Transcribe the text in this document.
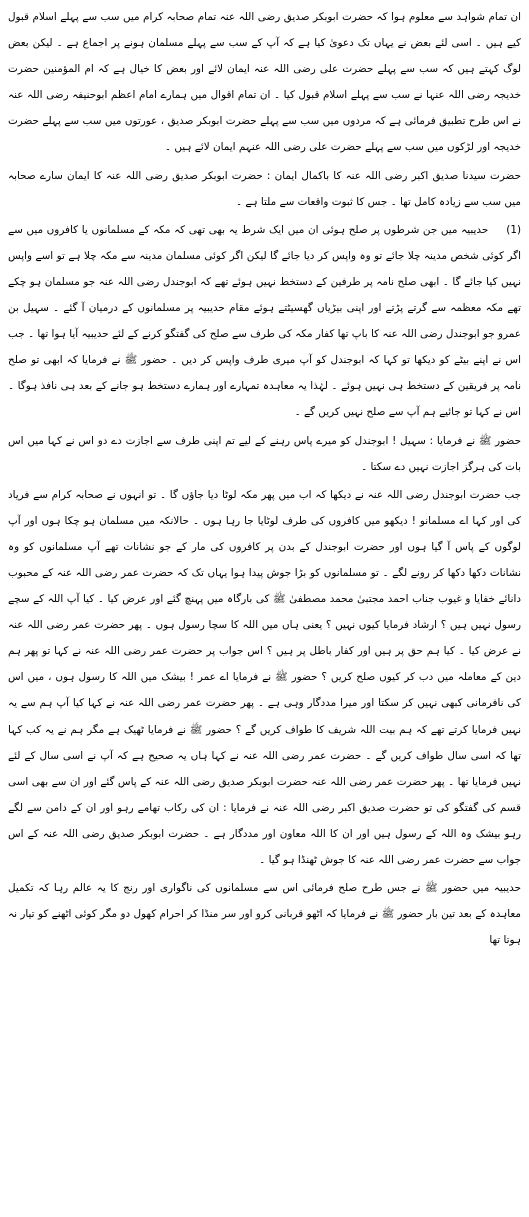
ان تمام شواہد سے معلوم ہوا کہ حضرت ابوبکر صدیق رضی اللہ عنہ تمام صحابہ کرام میں سب سے پہلے اسلام قبول کیے ہیں ۔ اسی لئے بعض نے یہاں تک دعویٰ کیا ہے کہ آپ کے سب سے پہلے مسلمان ہونے پر اجماع ہے ۔ لیکن بعض لوگ کہتے ہیں کہ سب سے پہلے حضرت علی رضی اللہ عنہ ایمان لائے اور بعض کا خیال ہے کہ ام المؤمنین حضرت خدیجہ رضی اللہ عنہا نے سب سے پہلے اسلام قبول کیا ۔ ان تمام اقوال میں ہمارے امام اعظم ابوحنیفہ رضی اللہ عنہ نے اس طرح تطبیق فرمائی ہے کہ مردوں میں سب سے پہلے حضرت ابوبکر صدیق ، عورتوں میں سب سے پہلے حضرت خدیجہ اور لڑکوں میں سب سے پہلے حضرت علی رضی اللہ عنہم ایمان لائے ہیں ۔

حضرت سیدنا صدیق اکبر رضی اللہ عنہ کا باکمال ایمان : حضرت ابوبکر صدیق رضی اللہ عنہ کا ایمان سارے صحابہ میں سب سے زیادہ کامل تھا ۔ جس کا ثبوت واقعات سے ملتا ہے ۔

(1)حدیبیہ میں جن شرطوں پر صلح ہوئی ان میں ایک شرط یہ بھی تھی کہ مکہ کے مسلمانوں یا کافروں میں سے اگر کوئی شخص مدینہ چلا جائے تو وہ واپس کر دیا جائے گا لیکن اگر کوئی مسلمان مدینہ سے مکہ چلا ہے تو اسے واپس نہیں کیا جائے گا ۔ ابھی صلح نامہ پر طرفین کے دستخط نہیں ہوئے تھے کہ ابوجندل رضی اللہ عنہ جو مسلمان ہو چکے تھے مکہ معظمہ سے گرتے پڑتے اور اپنی بیڑیاں گھسیٹتے ہوئے مقام حدیبیہ پر مسلمانوں کے درمیان آ گئے ۔ سہیل بن عمرو جو ابوجندل رضی اللہ عنہ کا باپ تھا کفار مکہ کی طرف سے صلح کی گفتگو کرنے کے لئے حدیبیہ آیا ہوا تھا ۔ جب اس نے اپنے بیٹے کو دیکھا تو کہا کہ ابوجندل کو آپ میری طرف واپس کر دیں ۔ حضور ﷺ نے فرمایا کہ ابھی تو صلح نامہ پر فریقین کے دستخط ہی نہیں ہوئے ۔ لہٰذا یہ معاہدہ تمہارے اور ہمارے دستخط ہو جانے کے بعد ہی نافذ ہوگا ۔ اس نے کہا تو جائیے ہم آپ سے صلح نہیں کریں گے ۔

حضور ﷺ نے فرمایا : سہیل ! ابوجندل کو میرے پاس رہنے کے لیے تم اپنی طرف سے اجازت دے دو اس نے کہا میں اس بات کی ہرگز اجازت نہیں دے سکتا ۔

جب حضرت ابوجندل رضی اللہ عنہ نے دیکھا کہ اب میں پھر مکہ لوٹا دیا جاؤں گا ۔ تو انہوں نے صحابہ کرام سے فریاد کی اور کہا اے مسلمانو ! دیکھو میں کافروں کی طرف لوٹایا جا رہا ہوں ۔ حالانکہ میں مسلمان ہو چکا ہوں اور آپ لوگوں کے پاس آ گیا ہوں اور حضرت ابوجندل کے بدن پر کافروں کی مار کے جو نشانات تھے آپ مسلمانوں کو وہ نشانات دکھا دکھا کر رونے لگے ۔ تو مسلمانوں کو بڑا جوش پیدا ہوا یہاں تک کہ حضرت عمر رضی اللہ عنہ کے محبوب دانائے خفایا و غیوب جناب احمد مجتبیٰ محمد مصطفیٰ ﷺ کی بارگاہ میں پہنچ گئے اور عرض کیا ۔ کیا آپ اللہ کے سچے رسول نہیں ہیں ؟ ارشاد فرمایا کیوں نہیں ؟ یعنی ہاں میں اللہ کا سچا رسول ہوں ۔ پھر حضرت عمر رضی اللہ عنہ نے عرض کیا ۔ کیا ہم حق پر ہیں اور کفار باطل پر ہیں ؟ اس جواب پر حضرت عمر رضی اللہ عنہ نے کہا تو پھر ہم دین کے معاملہ میں دب کر کیوں صلح کریں ؟ حضور ﷺ نے فرمایا اے عمر ! بیشک میں اللہ کا رسول ہوں ، میں اس کی نافرمانی کبھی نہیں کر سکتا اور میرا مددگار وہی ہے ۔ پھر حضرت عمر رضی اللہ عنہ نے کہا کیا آپ ہم سے یہ نہیں فرمایا کرتے تھے کہ ہم بیت اللہ شریف کا طواف کریں گے ؟ حضور ﷺ نے فرمایا ٹھیک ہے مگر ہم نے یہ کب کہا تھا کہ اسی سال طواف کریں گے ۔ حضرت عمر رضی اللہ عنہ نے کہا ہاں یہ صحیح ہے کہ آپ نے اسی سال کے لئے نہیں فرمایا تھا ۔ پھر حضرت عمر رضی اللہ عنہ حضرت ابوبکر صدیق رضی اللہ عنہ کے پاس گئے اور ان سے بھی اسی قسم کی گفتگو کی تو حضرت صدیق اکبر رضی اللہ عنہ نے فرمایا : ان کی رکاب تھامے رہو اور ان کے دامن سے لگے رہو بیشک وہ اللہ کے رسول ہیں اور ان کا اللہ معاون اور مددگار ہے ۔ حضرت ابوبکر صدیق رضی اللہ عنہ کے اس جواب سے حضرت عمر رضی اللہ عنہ کا جوش ٹھنڈا ہو گیا ۔

حدیبیہ میں حضور ﷺ نے جس طرح صلح فرمائی اس سے مسلمانوں کی ناگواری اور رنج کا یہ عالم رہا کہ تکمیل معاہدہ کے بعد تین بار حضور ﷺ نے فرمایا کہ اٹھو قربانی کرو اور سر منڈا کر احرام کھول دو مگر کوئی اٹھنے کو تیار نہ ہوتا تھا
